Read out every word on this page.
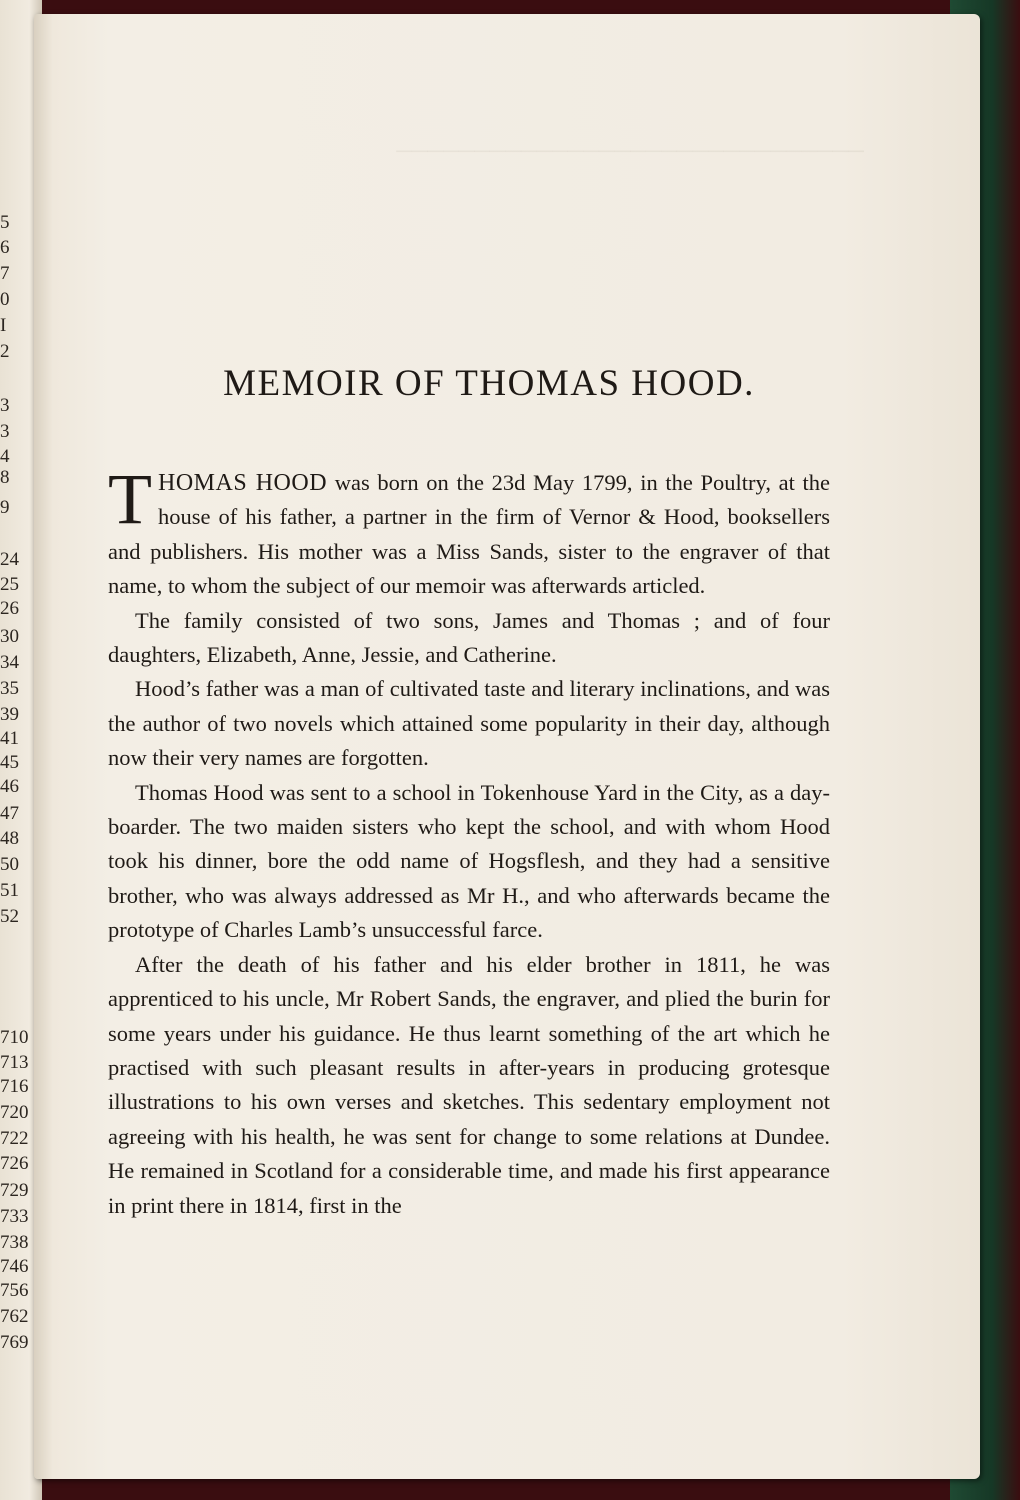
5
6
7
0
I
2
3
3
4
8
9
24
25
26
30
34
35
39
41
45
46
47
48
50
51
52
710
713
716
720
722
726
729
733
738
746
756
762
769
──────────────────────────────
MEMOIR OF THOMAS HOOD.

THOMAS HOOD was born on the 23d May 1799, in the Poultry, at the house of his father, a partner in the firm of Vernor & Hood, booksellers and publishers. His mother was a Miss Sands, sister to the engraver of that name, to whom the subject of our memoir was afterwards articled.

The family consisted of two sons, James and Thomas ; and of four daughters, Elizabeth, Anne, Jessie, and Catherine.

Hood’s father was a man of cultivated taste and literary inclinations, and was the author of two novels which attained some popularity in their day, although now their very names are forgotten.

Thomas Hood was sent to a school in Tokenhouse Yard in the City, as a day-boarder. The two maiden sisters who kept the school, and with whom Hood took his dinner, bore the odd name of Hogsflesh, and they had a sensitive brother, who was always addressed as Mr H., and who afterwards became the prototype of Charles Lamb’s unsuccessful farce.

After the death of his father and his elder brother in 1811, he was apprenticed to his uncle, Mr Robert Sands, the engraver, and plied the burin for some years under his guidance. He thus learnt something of the art which he practised with such pleasant results in after-years in producing grotesque illustrations to his own verses and sketches. This sedentary employment not agreeing with his health, he was sent for change to some relations at Dundee. He remained in Scotland for a considerable time, and made his first appearance in print there in 1814, first in the
